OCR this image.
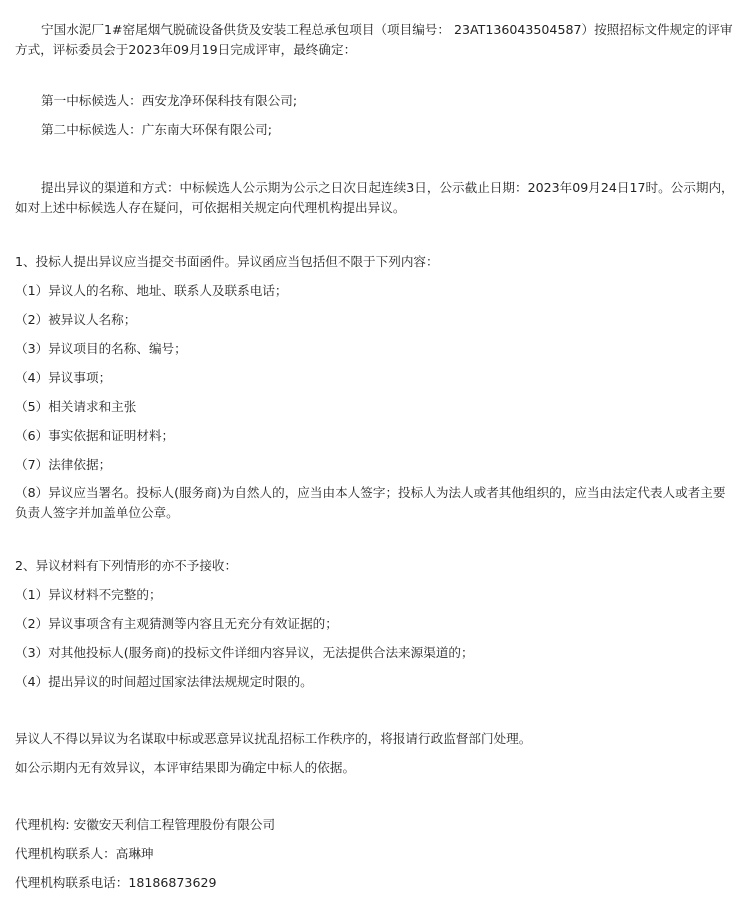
宁国水泥厂1#窑尾烟气脱硫设备供货及安装工程总承包项目（项目编号： 23AT136043504587）按照招标文件规定的评审方式，评标委员会于2023年09月19日完成评审，最终确定：

第一中标候选人：西安龙净环保科技有限公司;

第二中标候选人：广东南大环保有限公司;

提出异议的渠道和方式：中标候选人公示期为公示之日次日起连续3日，公示截止日期：2023年09月24日17时。公示期内，如对上述中标候选人存在疑问，可依据相关规定向代理机构提出异议。

1、投标人提出异议应当提交书面函件。异议函应当包括但不限于下列内容：

（1）异议人的名称、地址、联系人及联系电话；

（2）被异议人名称；

（3）异议项目的名称、编号；

（4）异议事项；

（5）相关请求和主张

（6）事实依据和证明材料；

（7）法律依据；

（8）异议应当署名。投标人(服务商)为自然人的，应当由本人签字；投标人为法人或者其他组织的，应当由法定代表人或者主要负责人签字并加盖单位公章。

2、异议材料有下列情形的亦不予接收：

（1）异议材料不完整的；

（2）异议事项含有主观猜测等内容且无充分有效证据的；

（3）对其他投标人(服务商)的投标文件详细内容异议，无法提供合法来源渠道的；

（4）提出异议的时间超过国家法律法规规定时限的。

异议人不得以异议为名谋取中标或恶意异议扰乱招标工作秩序的，将报请行政监督部门处理。

如公示期内无有效异议，本评审结果即为确定中标人的依据。

代理机构: 安徽安天利信工程管理股份有限公司

代理机构联系人：高琳珅

代理机构联系电话：18186873629
